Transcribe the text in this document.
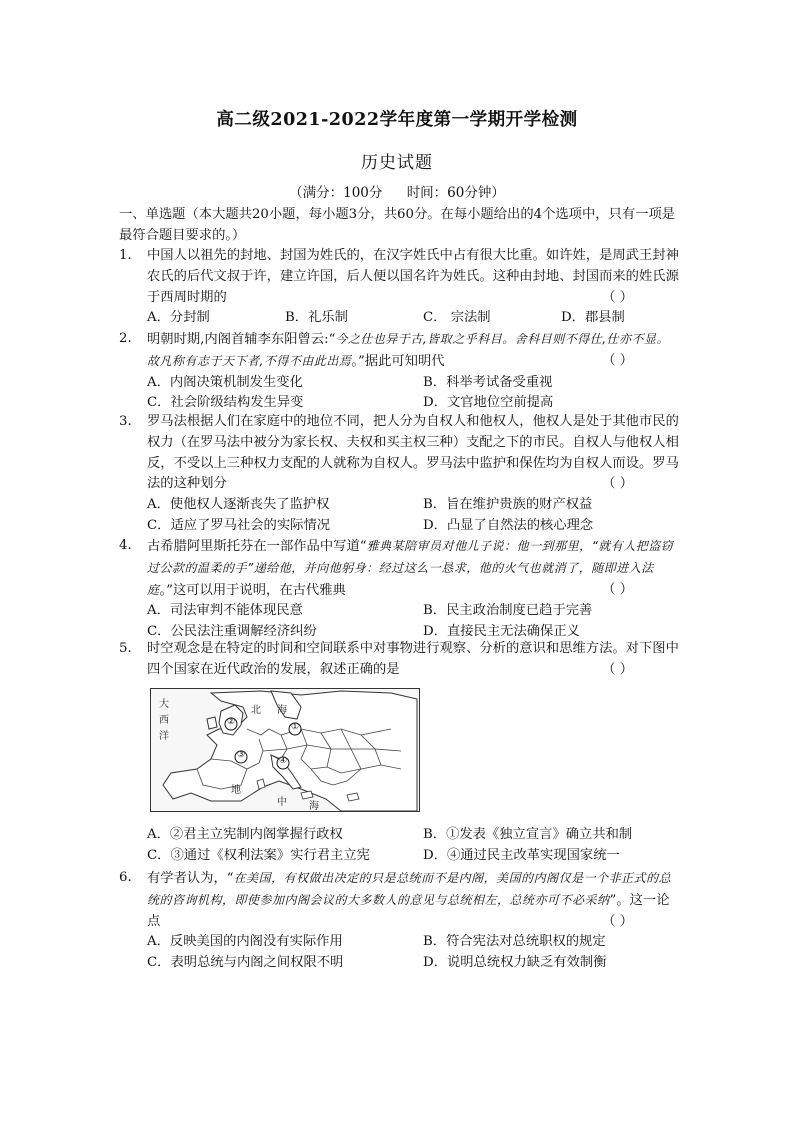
高二级2021-2022学年度第一学期开学检测
历史试题
（满分：100分 时间：60分钟）
一、单选题（本大题共20小题，每小题3分，共60分。在每小题给出的4个选项中，只有一项是最符合题目要求的。）
1.	中国人以祖先的封地、封国为姓氏的，在汉字姓氏中占有很大比重。如许姓，是周武王封神农氏的后代文叔于许，建立许国，后人便以国名许为姓氏。这种由封地、封国而来的姓氏源于西周时期的	（ ）
A．分封制	B．礼乐制	C． 宗法制	D．郡县制
2.	明朝时期,内阁首辅李东阳曾云:“今之仕也异于古,皆取之乎科目。舍科目则不得仕,仕亦不显。故凡称有志于天下者,不得不由此出焉。”据此可知明代	（ ）
A．内阁决策机制发生变化	B．科举考试备受重视
C．社会阶级结构发生异变	D．文官地位空前提高
3.	罗马法根据人们在家庭中的地位不同，把人分为自权人和他权人，他权人是处于其他市民的权力（在罗马法中被分为家长权、夫权和买主权三种）支配之下的市民。自权人与他权人相反，不受以上三种权力支配的人就称为自权人。罗马法中监护和保佐均为自权人而设。罗马法的这种划分	（ ）
A．使他权人逐渐丧失了监护权	B．旨在维护贵族的财产权益
C．适应了罗马社会的实际情况	D．凸显了自然法的核心理念
4.	古希腊阿里斯托芬在一部作品中写道“雅典某陪审员对他儿子说：他一到那里，“就有人把盗窃过公款的温柔的手”递给他，并向他躬身：经过这么一恳求，他的火气也就消了，随即进入法庭。”这可以用于说明，在古代雅典	（ ）
A．司法审判不能体现民意	B．民主政治制度已趋于完善
C．公民法注重调解经济纠纷	D．直接民主无法确保正义
5.	时空观念是在特定的时间和空间联系中对事物进行观察、分析的意识和思维方法。对下图中四个国家在近代政治的发展，叙述正确的是	（ ）
大
西
洋
北 海
地
中 海
①
②
③
④
A．②君主立宪制内阁掌握行政权	B．①发表《独立宣言》确立共和制
C．③通过《权利法案》实行君主立宪	D．④通过民主改革实现国家统一
6.	有学者认为，“在美国，有权做出决定的只是总统而不是内阁，美国的内阁仅是一个非正式的总统的咨询机构，即使参加内阁会议的大多数人的意见与总统相左，总统亦可不必采纳”。这一论点	（ ）
A．反映美国的内阁没有实际作用	B．符合宪法对总统职权的规定
C．表明总统与内阁之间权限不明	D．说明总统权力缺乏有效制衡
